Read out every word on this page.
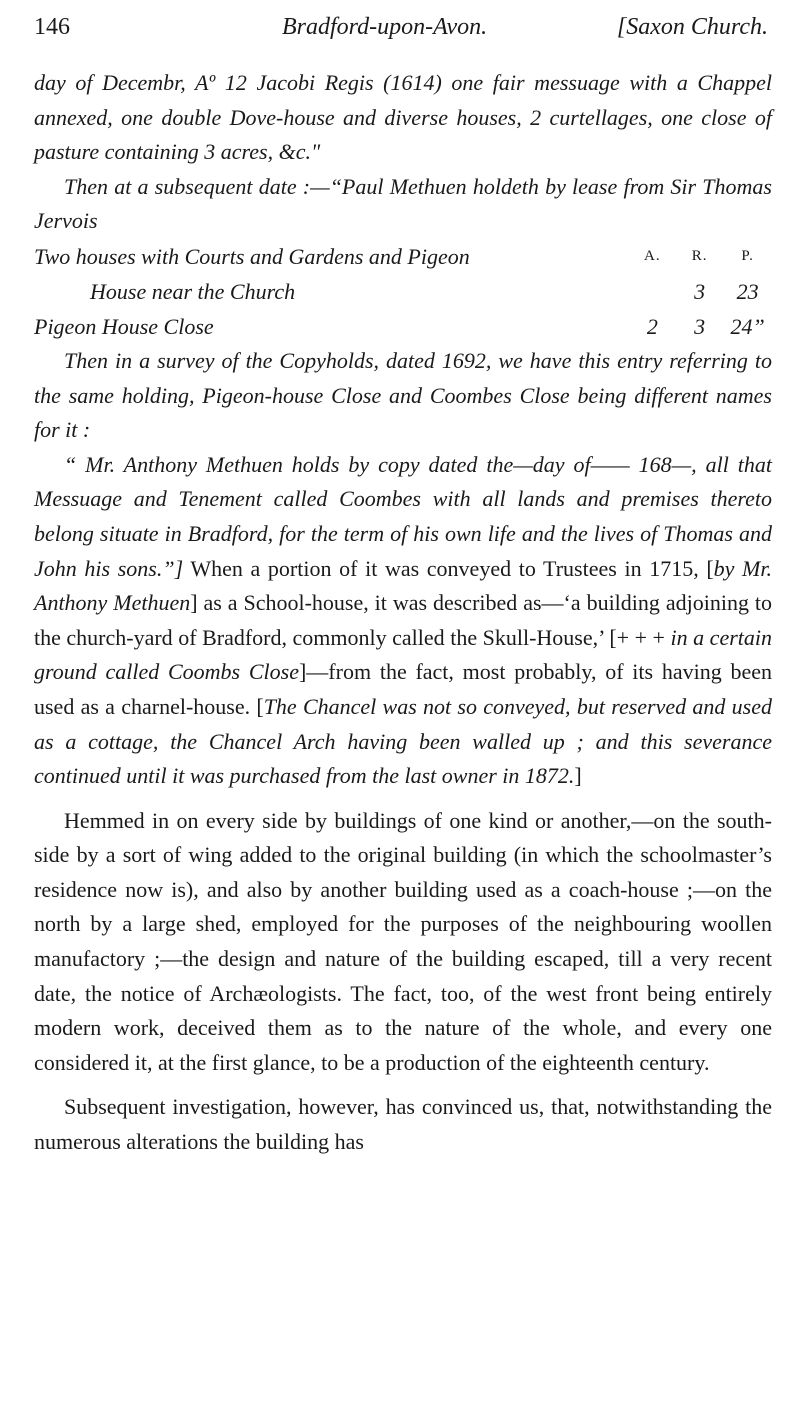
146	Bradford-upon-Avon.	[Saxon Church.

day of Decembr, Aº 12 Jacobi Regis (1614) one fair messuage with a Chappel annexed, one double Dove-house and diverse houses, 2 curtellages, one close of pasture containing 3 acres, &c."

Then at a subsequent date :—“Paul Methuen holdeth by lease from Sir Thomas Jervois

Two houses with Courts and Gardens and Pigeon	A.	R.	P.
House near the Church		3	23
Pigeon House Close	2	3	24”

Then in a survey of the Copyholds, dated 1692, we have this entry referring to the same holding, Pigeon-house Close and Coombes Close being different names for it :

“ Mr. Anthony Methuen holds by copy dated the—day of—— 168—, all that Messuage and Tenement called Coombes with all lands and premises thereto belong situate in Bradford, for the term of his own life and the lives of Thomas and John his sons.”] When a portion of it was conveyed to Trustees in 1715, [by Mr. Anthony Methuen] as a School-house, it was described as—‘a building adjoining to the church-yard of Bradford, commonly called the Skull-House,’ [+ + + in a certain ground called Coombs Close]—from the fact, most probably, of its having been used as a charnel-house. [The Chancel was not so conveyed, but reserved and used as a cottage, the Chancel Arch having been walled up ; and this severance continued until it was purchased from the last owner in 1872.]

Hemmed in on every side by buildings of one kind or another,—on the south-side by a sort of wing added to the original building (in which the schoolmaster’s residence now is), and also by another building used as a coach-house ;—on the north by a large shed, employed for the purposes of the neighbouring woollen manufactory ;—the design and nature of the building escaped, till a very recent date, the notice of Archæologists. The fact, too, of the west front being entirely modern work, deceived them as to the nature of the whole, and every one considered it, at the first glance, to be a production of the eighteenth century.

Subsequent investigation, however, has convinced us, that, notwithstanding the numerous alterations the building has
